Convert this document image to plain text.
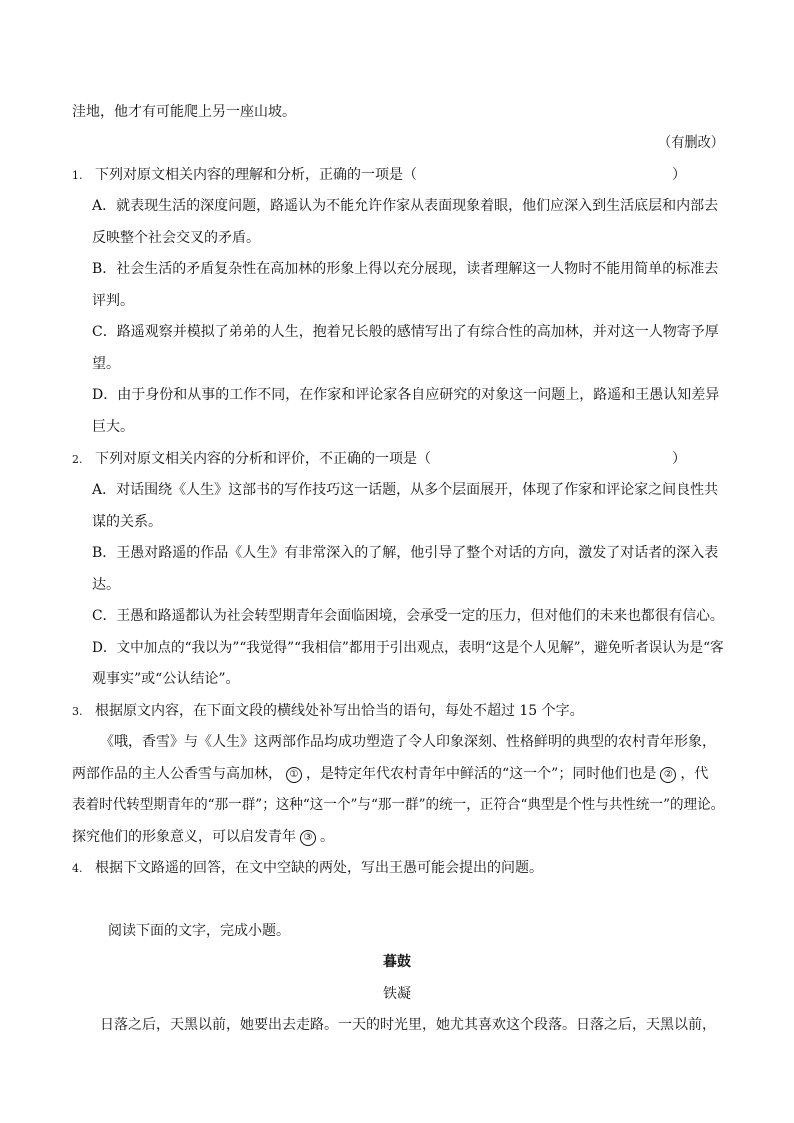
洼地，他才有可能爬上另一座山坡。
（有删改）
1. 下列对原文相关内容的理解和分析，正确的一项是（	）
A．就表现生活的深度问题，路遥认为不能允许作家从表面现象着眼，他们应深入到生活底层和内部去
反映整个社会交叉的矛盾。
B．社会生活的矛盾复杂性在高加林的形象上得以充分展现，读者理解这一人物时不能用简单的标准去
评判。
C．路遥观察并模拟了弟弟的人生，抱着兄长般的感情写出了有综合性的高加林，并对这一人物寄予厚
望。
D．由于身份和从事的工作不同，在作家和评论家各自应研究的对象这一问题上，路遥和王愚认知差异
巨大。
2. 下列对原文相关内容的分析和评价，不正确的一项是（	）
A．对话围绕《人生》这部书的写作技巧这一话题，从多个层面展开，体现了作家和评论家之间良性共
谋的关系。
B．王愚对路遥的作品《人生》有非常深入的了解，他引导了整个对话的方向，激发了对话者的深入表
达。
C．王愚和路遥都认为社会转型期青年会面临困境，会承受一定的压力，但对他们的未来也都很有信心。
D．文中加点的“我以为”“我觉得”“我相信”都用于引出观点，表明“这是个人见解”，避免听者误认为是“客
观事实”或“公认结论”。
3. 根据原文内容，在下面文段的横线处补写出恰当的语句，每处不超过 15 个字。
《哦，香雪》与《人生》这两部作品均成功塑造了令人印象深刻、性格鲜明的典型的农村青年形象，
两部作品的主人公香雪与高加林， ① ，是特定年代农村青年中鲜活的“这一个”；同时他们也是 ② ，代
表着时代转型期青年的“那一群”；这种“这一个”与“那一群”的统一，正符合“典型是个性与共性统一”的理论。
探究他们的形象意义，可以启发青年 ③ 。
4. 根据下文路遥的回答，在文中空缺的两处，写出王愚可能会提出的问题。
阅读下面的文字，完成小题。
暮鼓
铁凝
日落之后，天黑以前，她要出去走路。一天的时光里，她尤其喜欢这个段落。日落之后，天黑以前，
